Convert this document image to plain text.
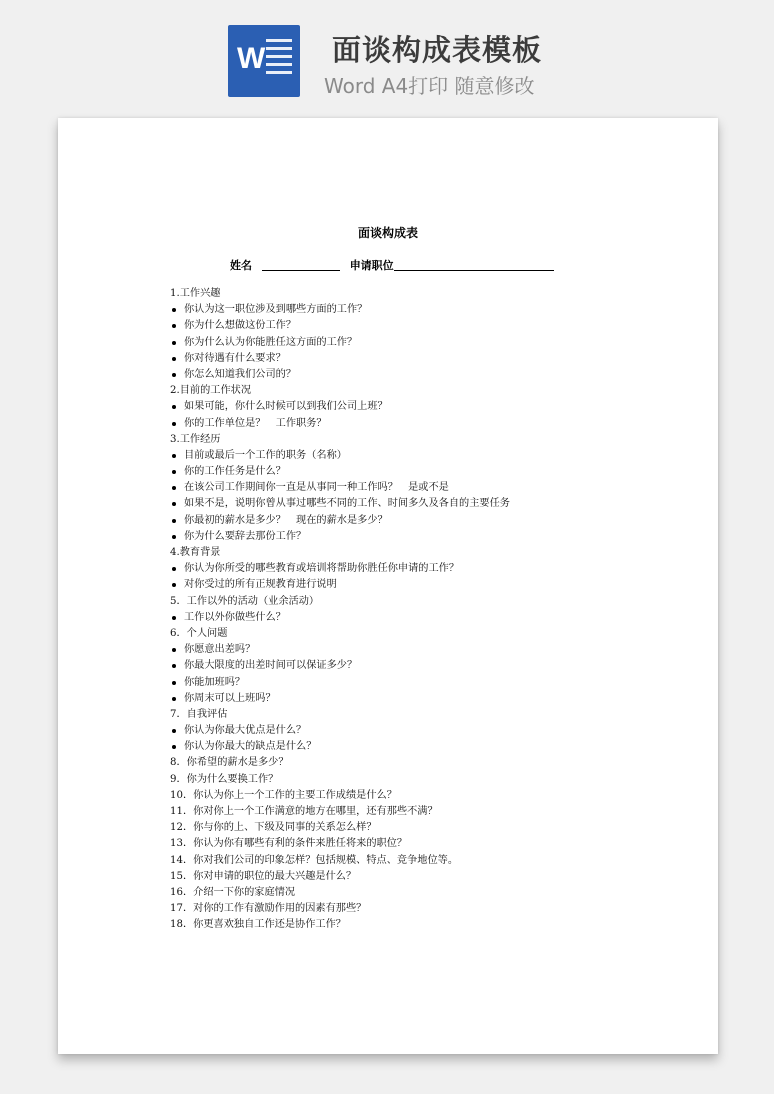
W 面谈构成表模板
Word A4打印 随意修改
面谈构成表
姓名	申请职位
1.工作兴趣
你认为这一职位涉及到哪些方面的工作？
你为什么想做这份工作？
你为什么认为你能胜任这方面的工作？
你对待遇有什么要求？
你怎么知道我们公司的？
2.目前的工作状况
如果可能，你什么时候可以到我们公司上班？
你的工作单位是？　工作职务？
3.工作经历
目前或最后一个工作的职务（名称）
你的工作任务是什么？
在该公司工作期间你一直是从事同一种工作吗？　是或不是
如果不是，说明你曾从事过哪些不同的工作、时间多久及各自的主要任务
你最初的薪水是多少？　现在的薪水是多少？
你为什么要辞去那份工作？
4.教育背景
你认为你所受的哪些教育或培训将帮助你胜任你申请的工作？
对你受过的所有正规教育进行说明
5．工作以外的活动（业余活动）
工作以外你做些什么？
6．个人问题
你愿意出差吗？
你最大限度的出差时间可以保证多少？
你能加班吗？
你周末可以上班吗？
7．自我评估
你认为你最大优点是什么？
你认为你最大的缺点是什么？
8．你希望的薪水是多少？
9．你为什么要换工作？
10．你认为你上一个工作的主要工作成绩是什么？
11．你对你上一个工作满意的地方在哪里，还有那些不满？
12．你与你的上、下级及同事的关系怎么样？
13．你认为你有哪些有利的条件来胜任将来的职位？
14．你对我们公司的印象怎样？包括规模、特点、竞争地位等。
15．你对申请的职位的最大兴趣是什么？
16．介绍一下你的家庭情况
17．对你的工作有激励作用的因素有那些？
18．你更喜欢独自工作还是协作工作？
